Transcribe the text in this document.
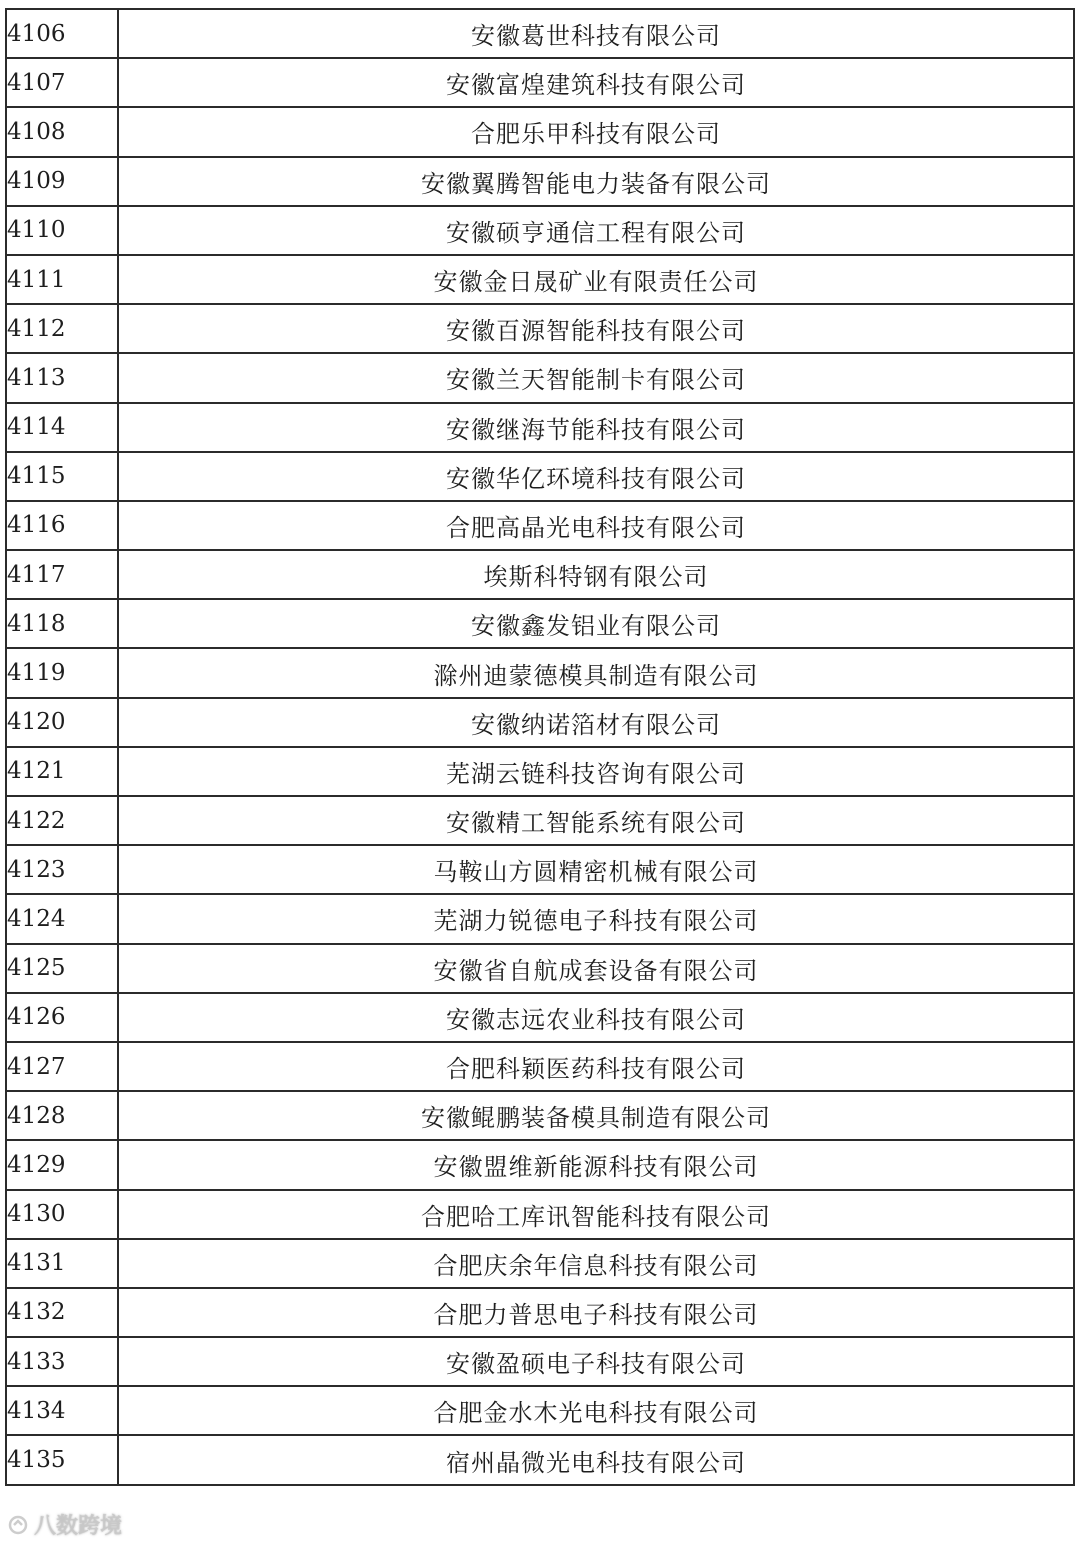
4106	安徽葛世科技有限公司
4107	安徽富煌建筑科技有限公司
4108	合肥乐甲科技有限公司
4109	安徽翼腾智能电力装备有限公司
4110	安徽硕亨通信工程有限公司
4111	安徽金日晟矿业有限责任公司
4112	安徽百源智能科技有限公司
4113	安徽兰天智能制卡有限公司
4114	安徽继海节能科技有限公司
4115	安徽华亿环境科技有限公司
4116	合肥高晶光电科技有限公司
4117	埃斯科特钢有限公司
4118	安徽鑫发铝业有限公司
4119	滁州迪蒙德模具制造有限公司
4120	安徽纳诺箔材有限公司
4121	芜湖云链科技咨询有限公司
4122	安徽精工智能系统有限公司
4123	马鞍山方圆精密机械有限公司
4124	芜湖力锐德电子科技有限公司
4125	安徽省自航成套设备有限公司
4126	安徽志远农业科技有限公司
4127	合肥科颖医药科技有限公司
4128	安徽鲲鹏装备模具制造有限公司
4129	安徽盟维新能源科技有限公司
4130	合肥哈工库讯智能科技有限公司
4131	合肥庆余年信息科技有限公司
4132	合肥力普思电子科技有限公司
4133	安徽盈硕电子科技有限公司
4134	合肥金水木光电科技有限公司
4135	宿州晶微光电科技有限公司
八数跨境
